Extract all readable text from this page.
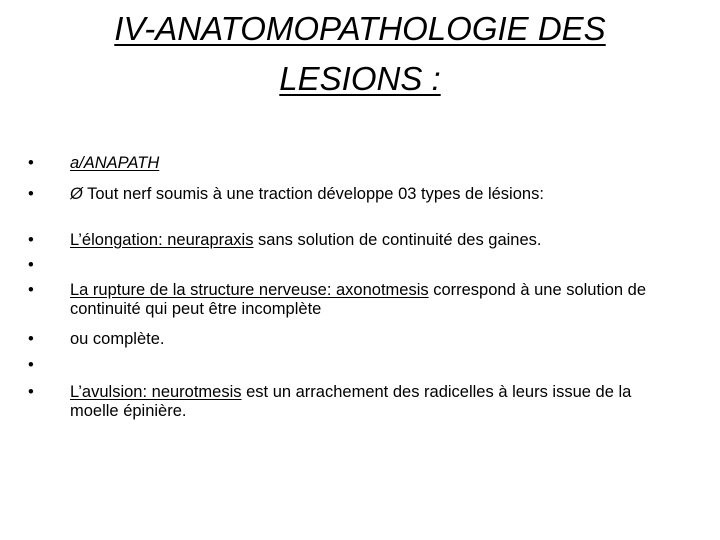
IV-ANATOMOPATHOLOGIE DES
LESIONS :
• a/ANAPATH
• Ø Tout nerf soumis à une traction développe 03 types de lésions:
• L’élongation: neurapraxis sans solution de continuité des gaines.
•
• La rupture de la structure nerveuse: axonotmesis correspond à une solution de continuité qui peut être incomplète
• ou complète.
•
• L’avulsion: neurotmesis est un arrachement des radicelles à leurs issue de la moelle épinière.
